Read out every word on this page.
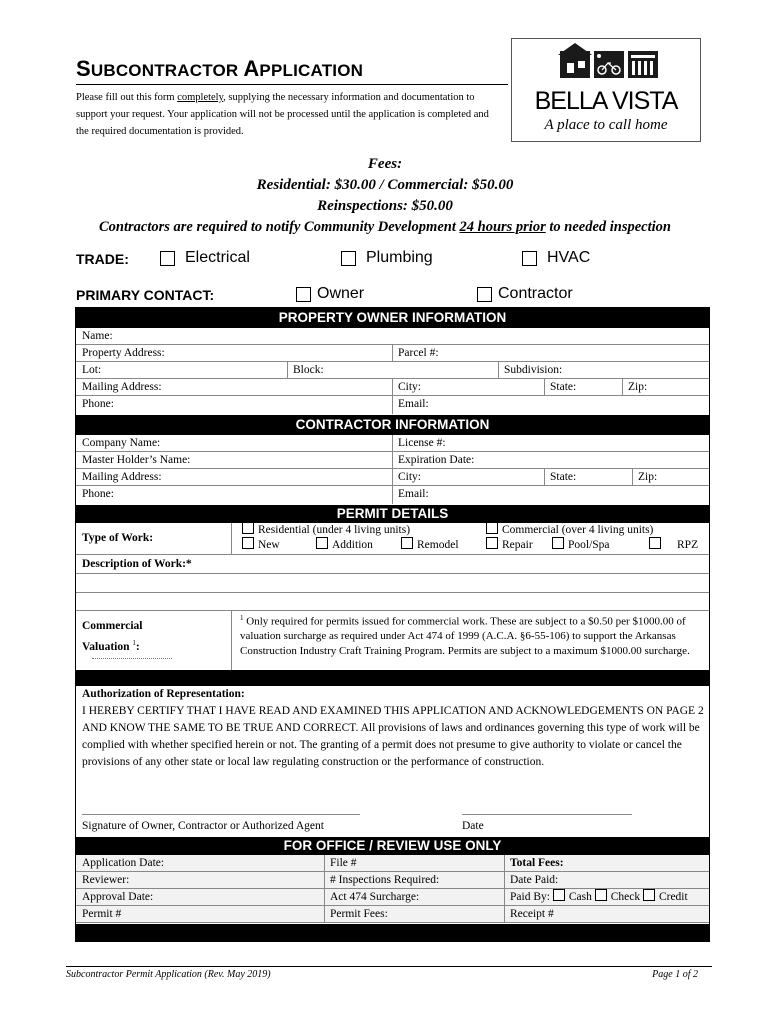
SUBCONTRACTOR APPLICATION
Please fill out this form completely, supplying the necessary information and documentation to support your request. Your application will not be processed until the application is completed and the required documentation is provided.
BELLA VISTA
A place to call home
Fees:
Residential: $30.00 / Commercial: $50.00
Reinspections: $50.00
Contractors are required to notify Community Development 24 hours prior to needed inspection
TRADE:	Electrical	Plumbing	HVAC
PRIMARY CONTACT:	Owner	Contractor
PROPERTY OWNER INFORMATION
Name:
Property Address:	Parcel #:
Lot:	Block:	Subdivision:
Mailing Address:	City:	State:	Zip:
Phone:	Email:
CONTRACTOR INFORMATION
Company Name:	License #:
Master Holder’s Name:	Expiration Date:
Mailing Address:	City:	State:	Zip:
Phone:	Email:
PERMIT DETAILS
Type of Work:
Residential (under 4 living units)	Commercial (over 4 living units)
New	Addition	Remodel	Repair	Pool/Spa	RPZ
Description of Work:*
Commercial
Valuation $^1$:
$^1$ Only required for permits issued for commercial work. These are subject to a $0.50 per $1000.00 of valuation surcharge as required under Act 474 of 1999 (A.C.A. §6-55-106) to support the Arkansas Construction Industry Craft Training Program. Permits are subject to a maximum $1000.00 surcharge.
Authorization of Representation:
I HEREBY CERTIFY THAT I HAVE READ AND EXAMINED THIS APPLICATION AND ACKNOWLEDGEMENTS ON PAGE 2 AND KNOW THE SAME TO BE TRUE AND CORRECT. All provisions of laws and ordinances governing this type of work will be complied with whether specified herein or not. The granting of a permit does not presume to give authority to violate or cancel the provisions of any other state or local law regulating construction or the performance of construction.
Signature of Owner, Contractor or Authorized Agent	Date
FOR OFFICE / REVIEW USE ONLY
Application Date:	File #	Total Fees:
Reviewer:	# Inspections Required:	Date Paid:
Approval Date:	Act 474 Surcharge:	Paid By: Cash Check Credit
Permit #	Permit Fees:	Receipt #
Subcontractor Permit Application (Rev. May 2019)	Page 1 of 2
